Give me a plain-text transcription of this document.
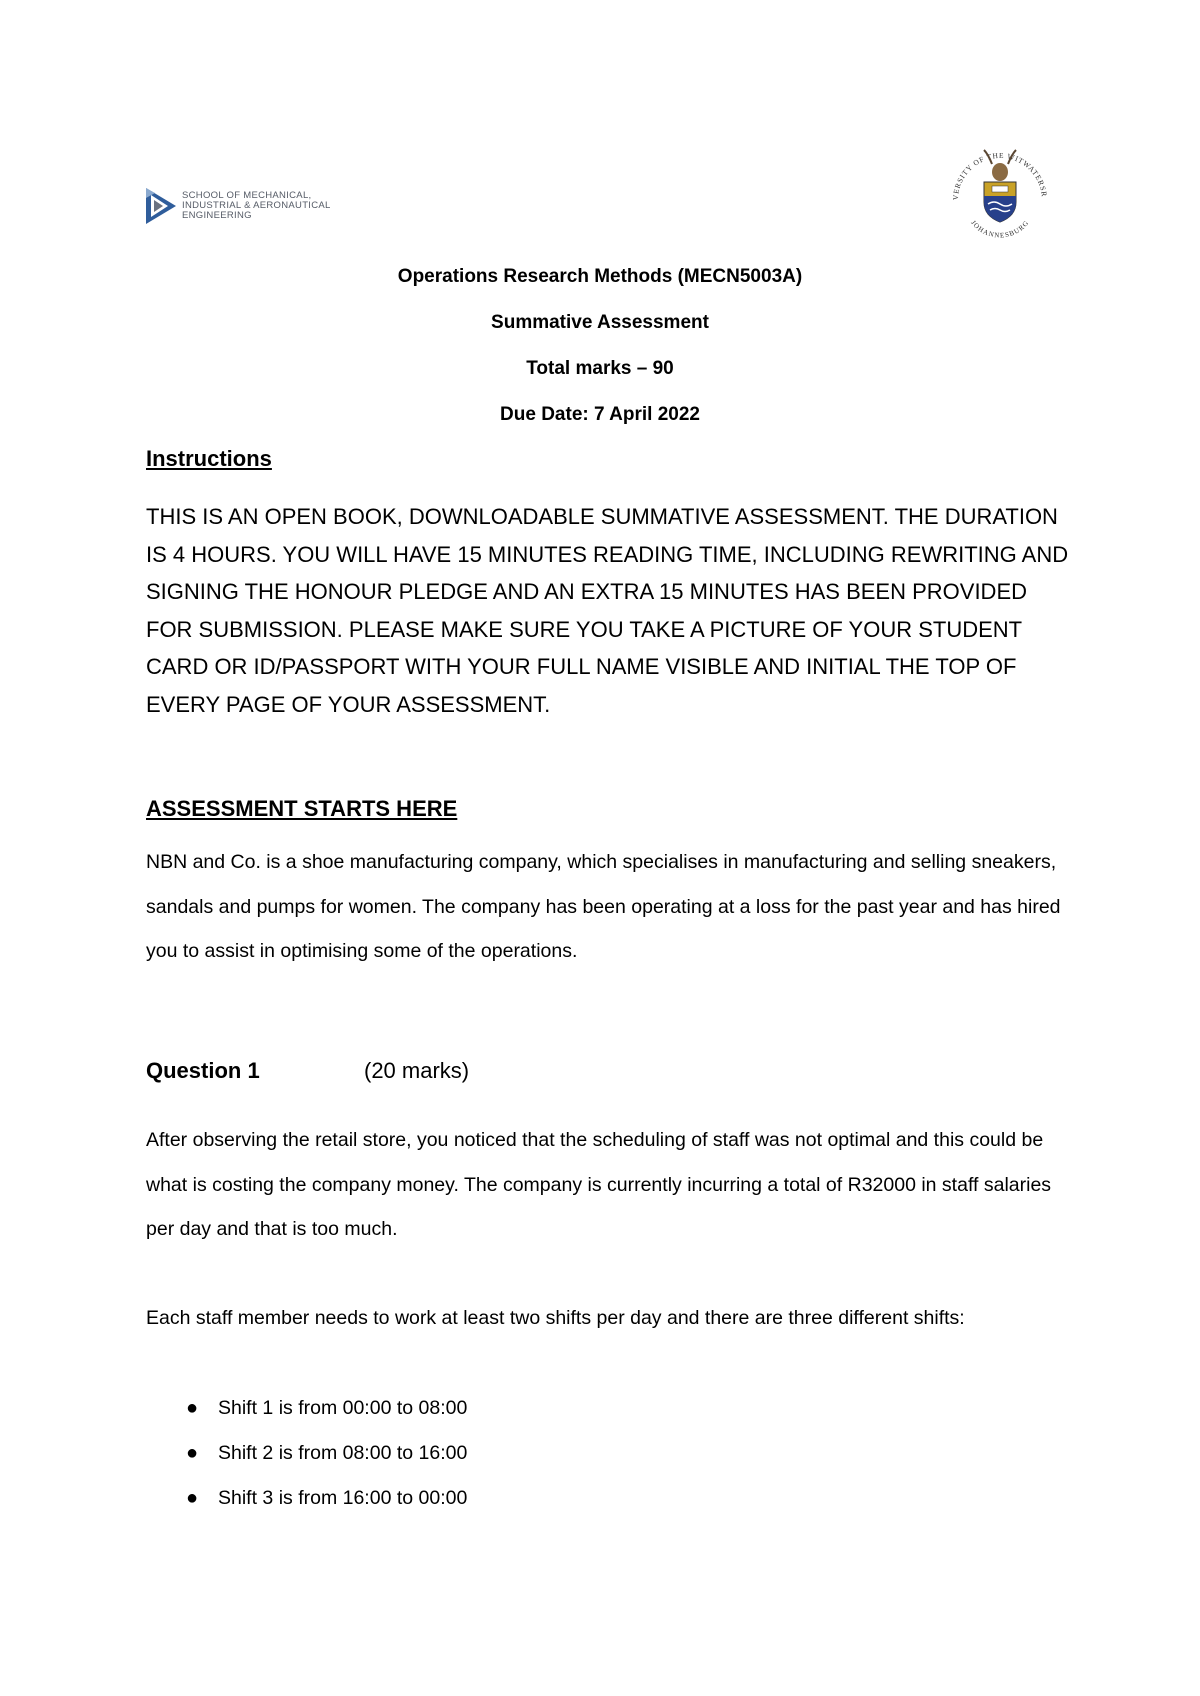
SCHOOL OF MECHANICAL,
INDUSTRIAL & AERONAUTICAL
ENGINEERING
VERSITY OF THE WITWATERSR
JOHANNESBURG
Operations Research Methods (MECN5003A)
Summative Assessment
Total marks – 90
Due Date: 7 April 2022
Instructions

THIS IS AN OPEN BOOK, DOWNLOADABLE SUMMATIVE ASSESSMENT. THE DURATION IS 4 HOURS. YOU WILL HAVE 15 MINUTES READING TIME, INCLUDING REWRITING AND SIGNING THE HONOUR PLEDGE AND AN EXTRA 15 MINUTES HAS BEEN PROVIDED FOR SUBMISSION. PLEASE MAKE SURE YOU TAKE A PICTURE OF YOUR STUDENT CARD OR ID/PASSPORT WITH YOUR FULL NAME VISIBLE AND INITIAL THE TOP OF EVERY PAGE OF YOUR ASSESSMENT.

ASSESSMENT STARTS HERE

NBN and Co. is a shoe manufacturing company, which specialises in manufacturing and selling sneakers, sandals and pumps for women. The company has been operating at a loss for the past year and has hired you to assist in optimising some of the operations.

Question 1	(20 marks)

After observing the retail store, you noticed that the scheduling of staff was not optimal and this could be what is costing the company money. The company is currently incurring a total of R32000 in staff salaries per day and that is too much.

Each staff member needs to work at least two shifts per day and there are three different shifts:

● Shift 1 is from 00:00 to 08:00
● Shift 2 is from 08:00 to 16:00
● Shift 3 is from 16:00 to 00:00
